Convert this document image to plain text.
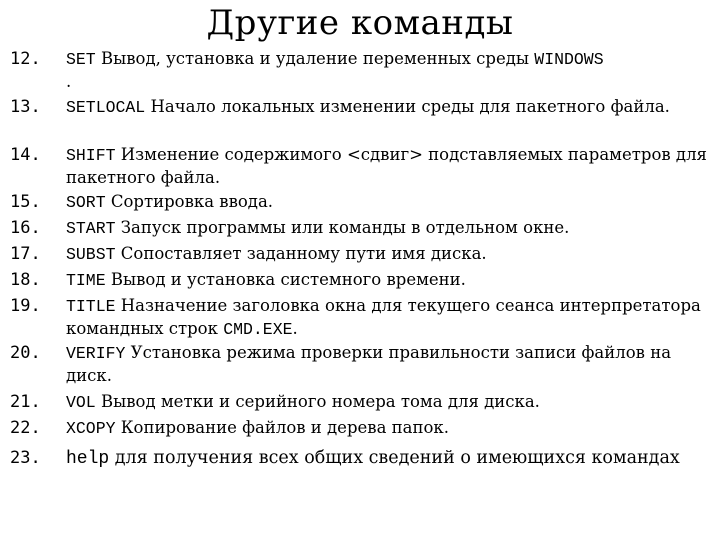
Другие команды
12. SET Вывод, установка и удаление переменных среды WINDOWS
.
13. SETLOCAL Начало локальных изменении среды для пакетного файла.
14. SHIFT Изменение содержимого <сдвиг> подставляемых параметров для пакетного файла.
15. SORT Сортировка ввода.
16. START Запуск программы или команды в отдельном окне.
17. SUBST Сопоставляет заданному пути имя диска.
18. TIME Вывод и установка системного времени.
19. TITLE Назначение заголовка окна для текущего сеанса интерпретатора командных строк CMD.EXE.
20. VERIFY Установка режима проверки правильности записи файлов на диск.
21. VOL Вывод метки и серийного номера тома для диска.
22. XCOPY Копирование файлов и дерева папок.
23. help для получения всех общих сведений о имеющихся командах
